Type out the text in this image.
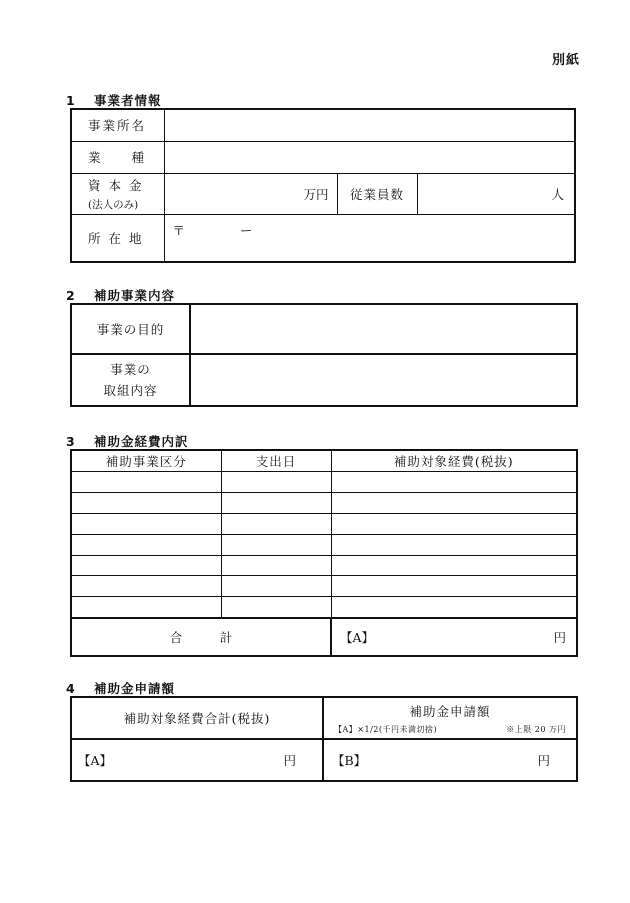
別紙
1 事業者情報
事業所名			
業　　種			

資 本 金
(法人のみ)	万円	従業員数	人
所 在 地	〒 ー		
2 補助事業内容
事業の目的	

事業の
取組内容	

3 補助金経費内訳
補助事業区分	支出日	補助対象経費(税抜)

合　　　計		【A】 円
4 補助金申請額
補助対象経費合計(税抜)	補助金申請額
【A】×1/2(千円未満切捨) ※上限 20 万円

【A】 円	【B】 円
